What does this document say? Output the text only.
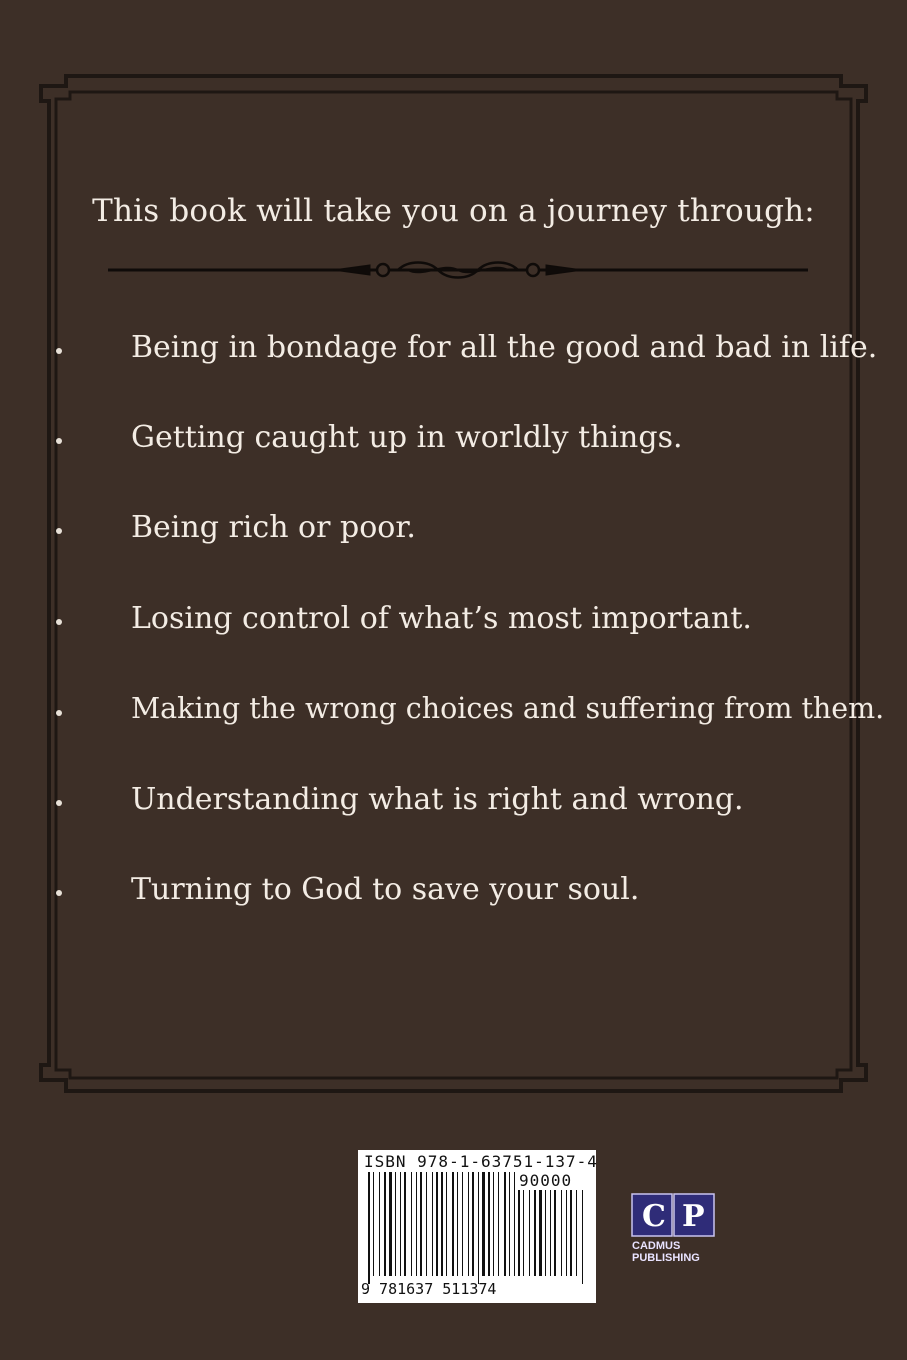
This book will take you on a journey through:
Being in bondage for all the good and bad in life.
Getting caught up in worldly things.
Being rich or poor.
Losing control of what’s most important.
Making the wrong choices and suffering from them.
Understanding what is right and wrong.
Turning to God to save your soul.
ISBN 978-1-63751-137-4
90000
9 781637 511374
C P
CADMUS
PUBLISHING
